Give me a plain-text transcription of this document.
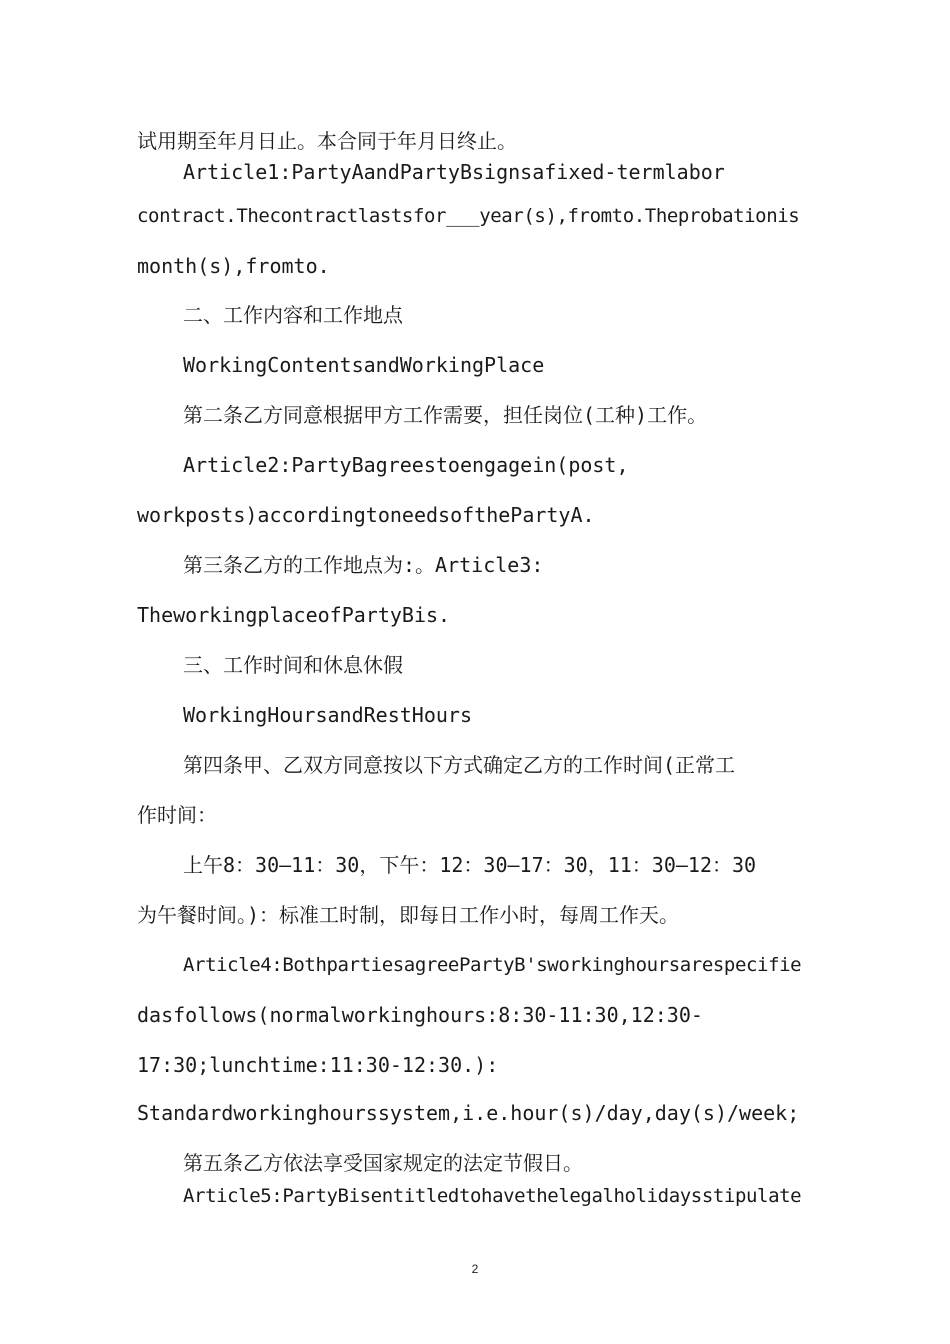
试用期至年月日止。本合同于年月日终止。
Article1:PartyAandPartyBsignsafixed-termlabor
contract.Thecontractlastsfor___year(s),fromto.Theprobationis
month(s),fromto.
二、工作内容和工作地点
WorkingContentsandWorkingPlace
第二条乙方同意根据甲方工作需要，担任岗位(工种)工作。
Article2:PartyBagreestoengagein(post,
workposts)accordingtoneedsofthePartyA.
第三条乙方的工作地点为:。Article3:
TheworkingplaceofPartyBis.
三、工作时间和休息休假
WorkingHoursandRestHours
第四条甲、乙双方同意按以下方式确定乙方的工作时间(正常工
作时间：
上午8：30—11：30，下午：12：30—17：30，11：30—12：30
为午餐时间。)：标准工时制，即每日工作小时，每周工作天。
Article4:BothpartiesagreePartyB'sworkinghoursarespecifie
dasfollows(normalworkinghours:8:30-11:30,12:30-
17:30;lunchtime:11:30-12:30.):
Standardworkinghourssystem,i.e.hour(s)/day,day(s)/week;
第五条乙方依法享受国家规定的法定节假日。
Article5:PartyBisentitledtohavethelegalholidaysstipulate
2
